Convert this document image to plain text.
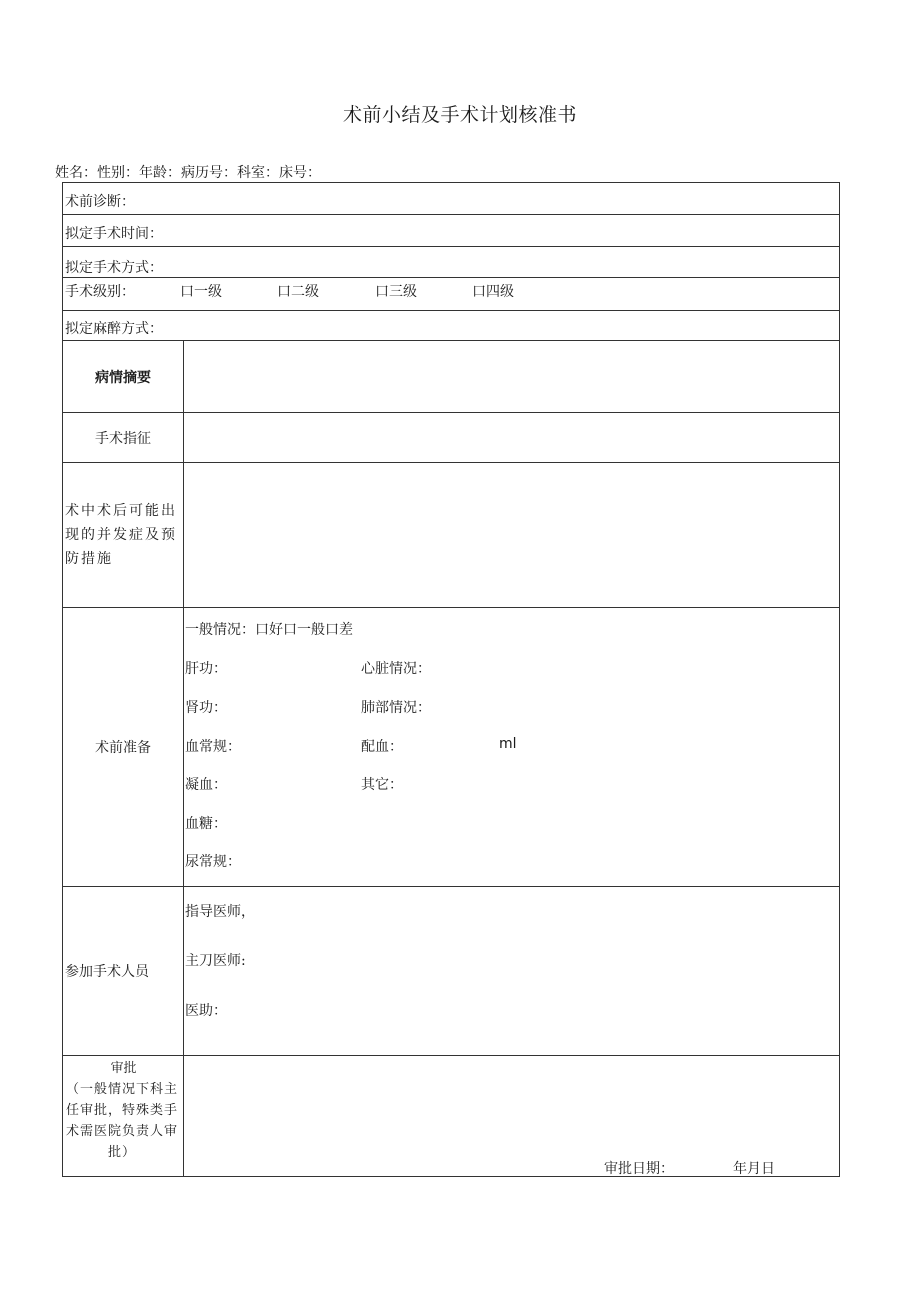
术前小结及手术计划核准书
姓名：性别：年龄：病历号：科室：床号：
术前诊断：
拟定手术时间：
拟定手术方式：
手术级别：	口一级	口二级	口三级	口四级
拟定麻醉方式：
病情摘要
手术指征
术中术后可能出现的并发症及预防措施
术前准备
一般情况：口好口一般口差
肝功：	心脏情况：
肾功：	肺部情况：
血常规：	配血：	ml
凝血：	其它：
血糖：
尿常规：
参加手术人员
指导医师，
主刀医师:
医助：
审批
（一般情况下科主任审批，特殊类手术需医院负责人审批）
审批日期：	年月日
